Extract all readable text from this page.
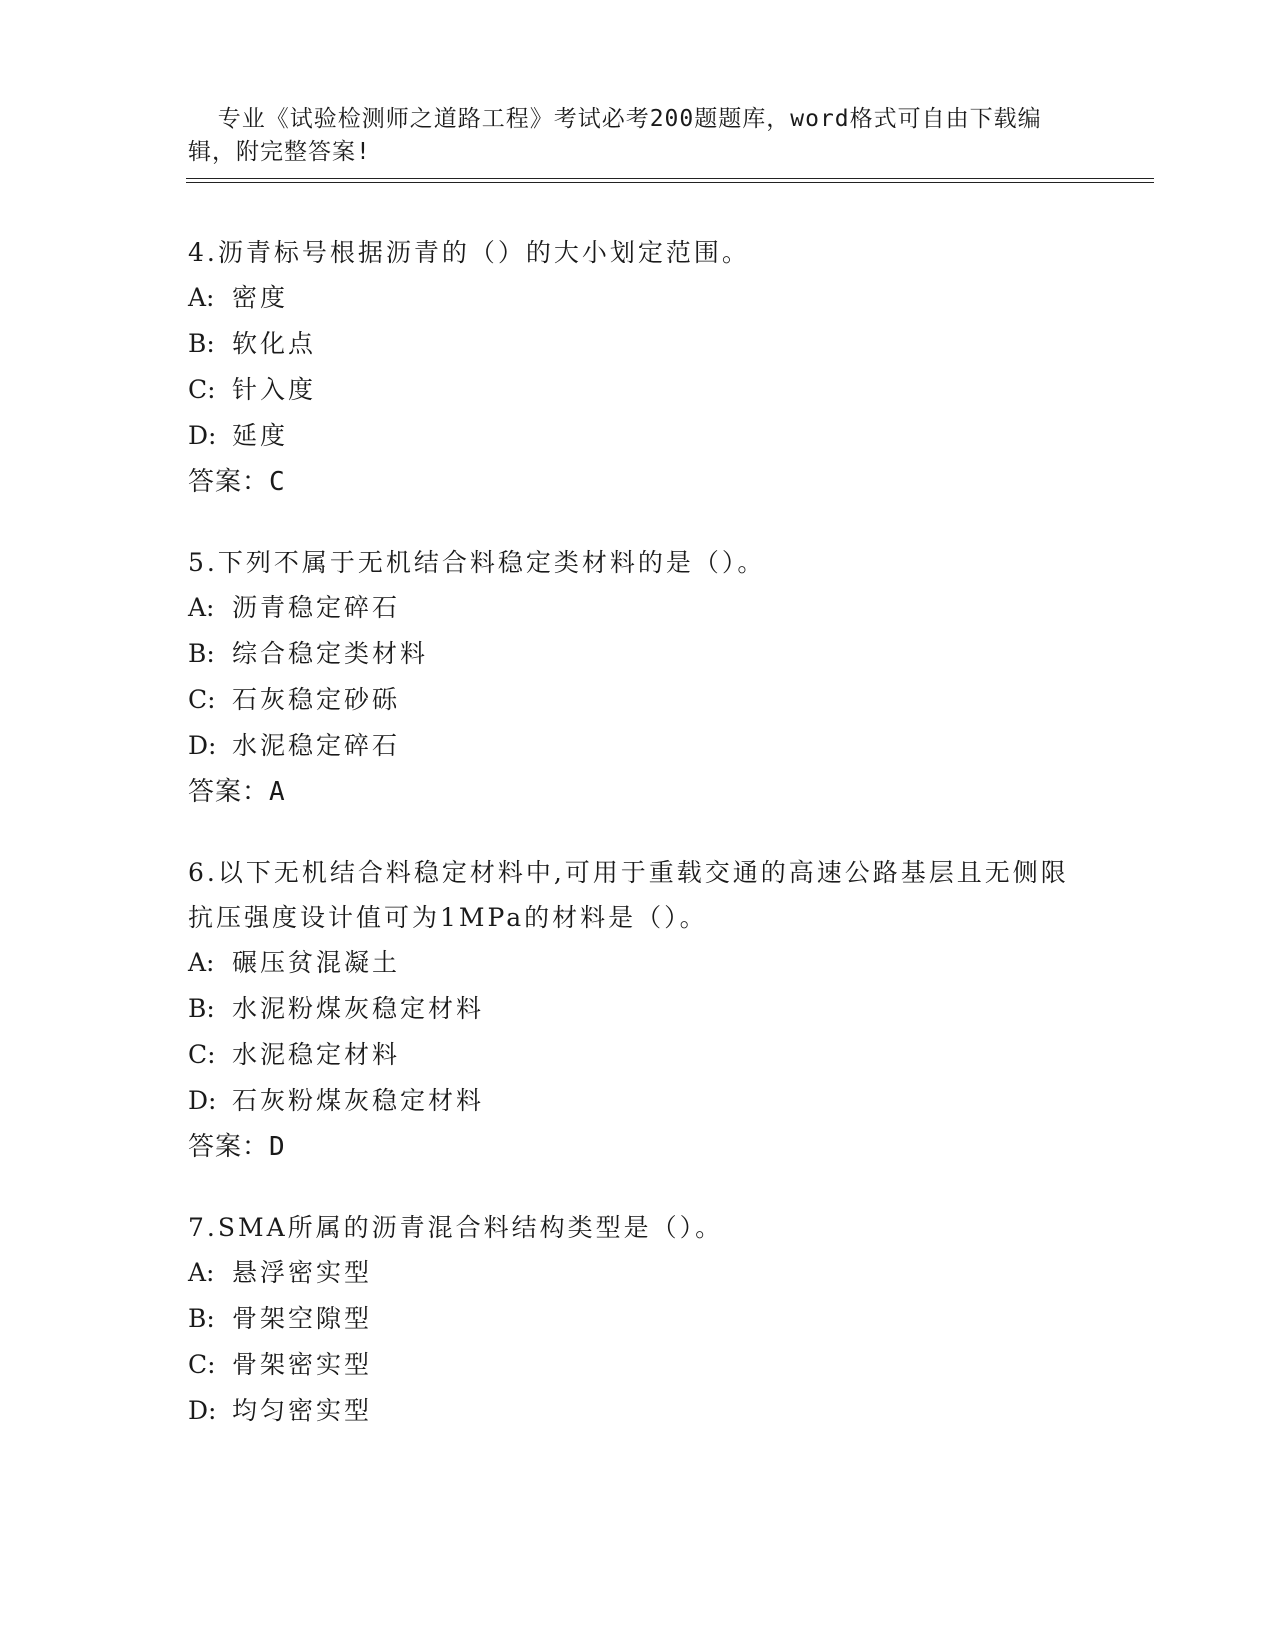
专业《试验检测师之道路工程》考试必考200题题库，word格式可自由下载编辑，附完整答案!

4.沥青标号根据沥青的（）的大小划定范围。
A: 密度
B: 软化点
C: 针入度
D: 延度
答案：C
5.下列不属于无机结合料稳定类材料的是（）。
A: 沥青稳定碎石
B: 综合稳定类材料
C: 石灰稳定砂砾
D: 水泥稳定碎石
答案：A
6.以下无机结合料稳定材料中,可用于重载交通的高速公路基层且无侧限抗压强度设计值可为1MPa的材料是（）。
A: 碾压贫混凝土
B: 水泥粉煤灰稳定材料
C: 水泥稳定材料
D: 石灰粉煤灰稳定材料
答案：D
7.SMA所属的沥青混合料结构类型是（）。
A: 悬浮密实型
B: 骨架空隙型
C: 骨架密实型
D: 均匀密实型
